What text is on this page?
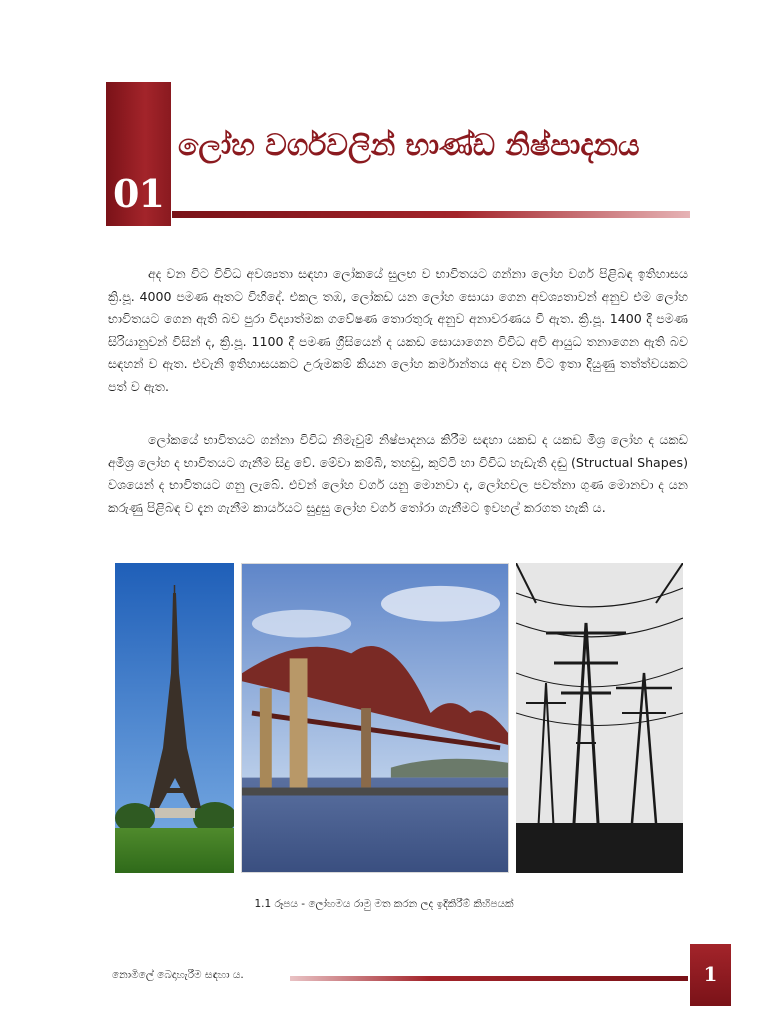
01
ලෝහ වර්ගවලින් භාණ්ඩ නිෂ්පාදනය

අද වන විට විවිධ අවශ්‍යතා සඳහා ලෝකයේ සුලභ ව භාවිතයට ගන්නා ලෝහ වර්ග පිළිබඳ ඉතිහාසය ක්‍රි.පූ. 4000 පමණ ඈතට විහිදේ. එකල තඹ, ලෝකඩ යන ලෝහ සොයා ගෙන අවශ්‍යතාවන් අනුව එම ලෝහ භාවිතයට ගෙන ඇති බව පුරා විද්‍යාත්මක ගවේෂණ තොරතුරු අනුව අනාවරණය වී ඇත. ක්‍රි.පූ. 1400 දී පමණ සිරියානුවන් විසින් ද, ක්‍රි.පූ. 1100 දී පමණ ග්‍රීසියෙන් ද යකඩ සොයාගෙන විවිධ අවි ආයුධ තනාගෙන ඇති බව සඳහන් ව ඇත. එවැනි ඉතිහාසයකට උරුමකම් කියන ලෝහ කර්මාන්තය අද වන විට ඉතා දියුණු තත්ත්වයකට පත් ව ඇත.

ලෝකයේ භාවිතයට ගන්නා විවිධ නිමැවුම් නිෂ්පාදනය කිරීම සඳහා යකඩ ද යකඩ මිශ්‍ර ලෝහ ද යකඩ අමිශ්‍ර ලෝහ ද භාවිතයට ගැනීම සිදු වේ. මේවා කම්බි, තහඩු, කුට්ටි හා විවිධ හැඩැති දඬු (Structual Shapes) වශයෙන් ද භාවිතයට ගනු ලැබේ. එවන් ලෝහ වර්ග යනු මොනවා ද, ලෝහවල පවත්නා ගුණ මොනවා ද යන කරුණු පිළිබඳ ව දැන ගැනීම කාර්යයට සුදුසු ලෝහ වර්ග තෝරා ගැනීමට ඉවහල් කරගත හැකි ය.

1.1 රූපය - ලෝහමය රාමු මත කරන ලද ඉදිකිරීම් කිහිපයක්
නොමිලේ බෙදාහැරීම සඳහා ය.	1
